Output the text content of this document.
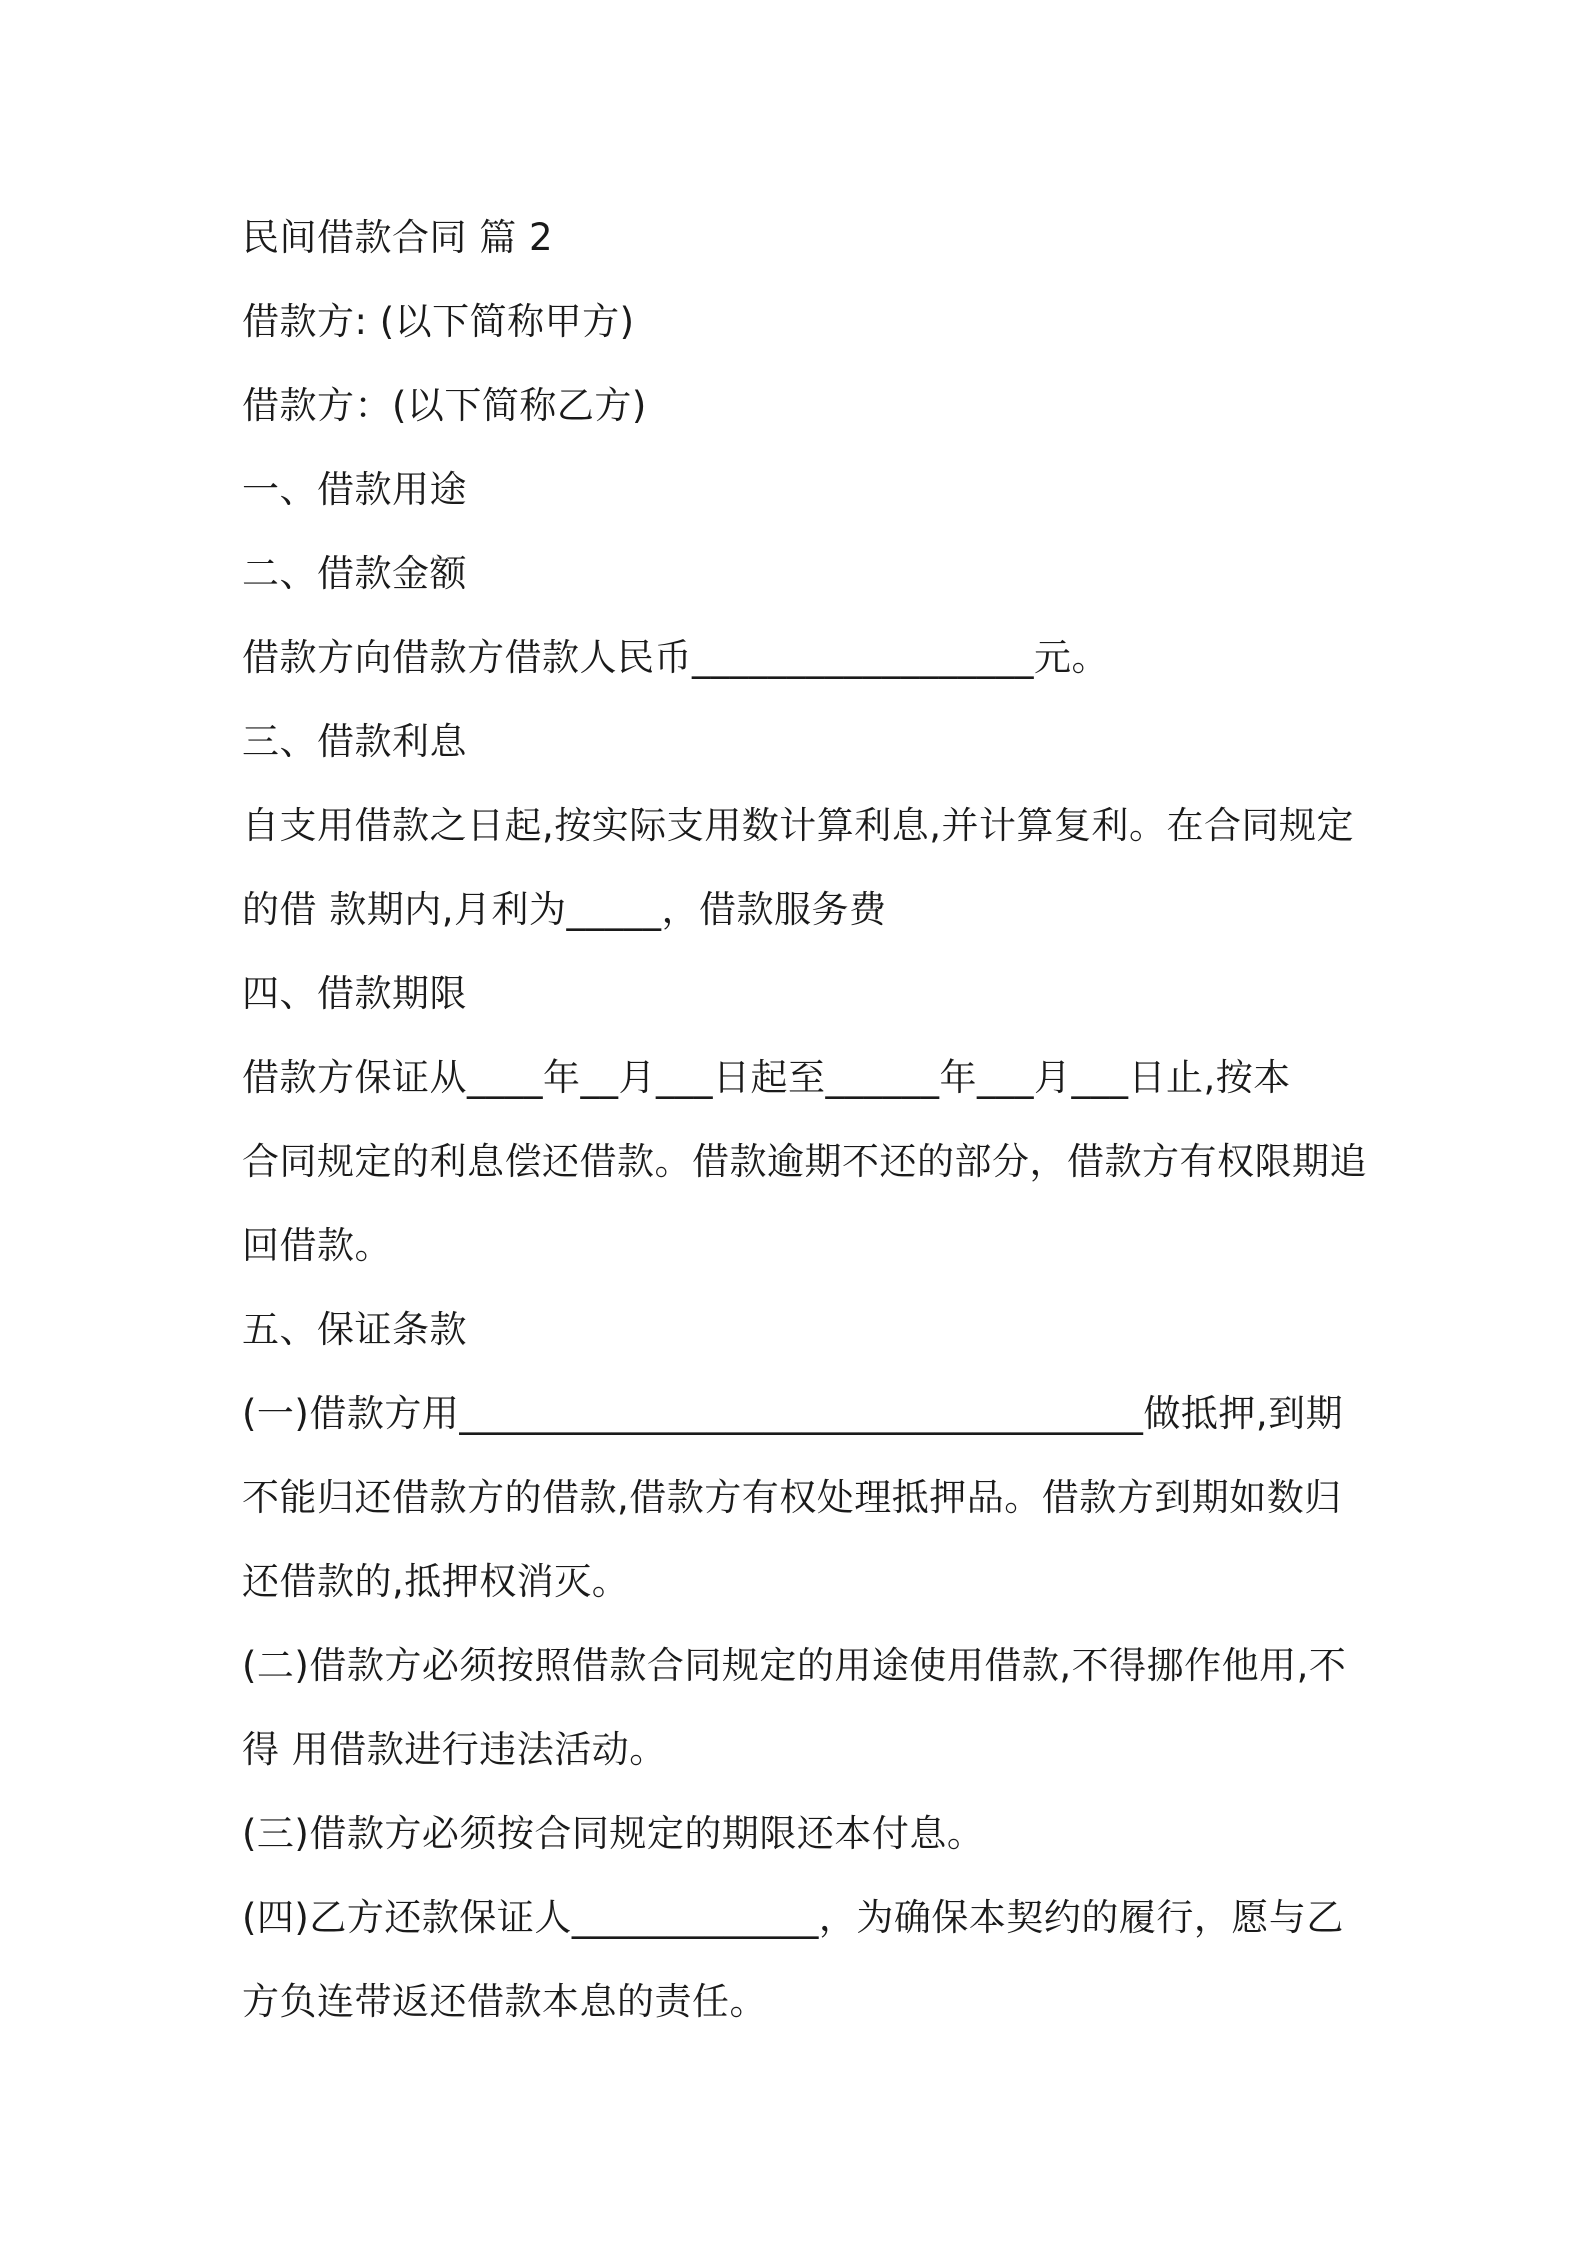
民间借款合同 篇 2
借款方: (以下简称甲方)
借款方：(以下简称乙方)
一、借款用途
二、借款金额
借款方向借款方借款人民币__________________元。
三、借款利息
自支用借款之日起,按实际支用数计算利息,并计算复利。在合同规定
的借 款期内,月利为_____，借款服务费
四、借款期限
借款方保证从____年__月___日起至______年___月___日止,按本
合同规定的利息偿还借款。借款逾期不还的部分，借款方有权限期追
回借款。
五、保证条款
(一)借款方用____________________________________做抵押,到期
不能归还借款方的借款,借款方有权处理抵押品。借款方到期如数归
还借款的,抵押权消灭。
(二)借款方必须按照借款合同规定的用途使用借款,不得挪作他用,不
得 用借款进行违法活动。
(三)借款方必须按合同规定的期限还本付息。
(四)乙方还款保证人_____________，为确保本契约的履行，愿与乙
方负连带返还借款本息的责任。
